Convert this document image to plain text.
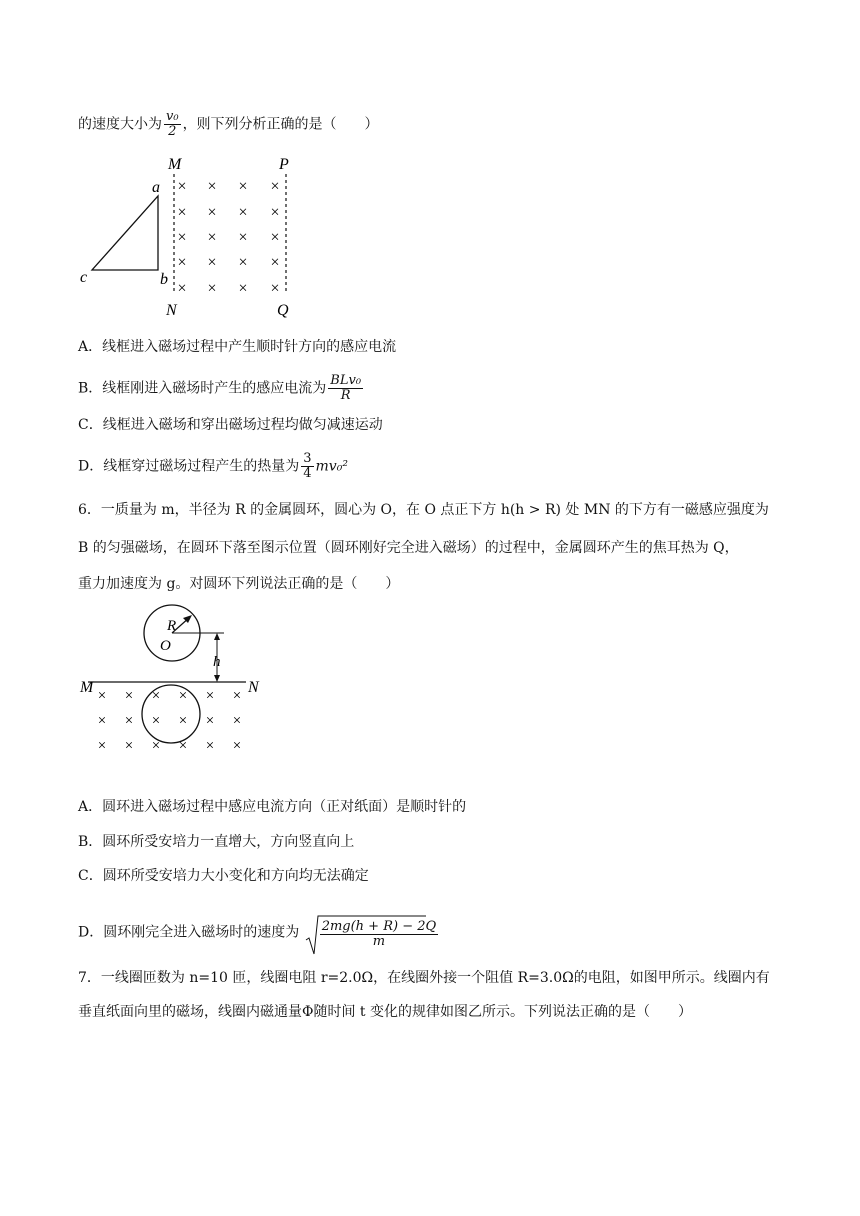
的速度大小为 $\frac{\text{v₀}}{2}$ ，则下列分析正确的是（　　）
M	P
a
c	b
N	Q
× × × ×
× × × ×
× × × ×
× × × ×
× × × ×
A．线框进入磁场过程中产生顺时针方向的感应电流
B．线框刚进入磁场时产生的感应电流为 $\frac{\text{BLv₀}}{R}$
C．线框进入磁场和穿出磁场过程均做匀减速运动
D．线框穿过磁场过程产生的热量为 $\frac{3}{4} mv_0^2$
6．一质量为 m，半径为 R 的金属圆环，圆心为 O，在 O 点正下方 h(h > R) 处 MN 的下方有一磁感应强度为
B 的匀强磁场，在圆环下落至图示位置（圆环刚好完全进入磁场）的过程中，金属圆环产生的焦耳热为 Q，
重力加速度为 g。对圆环下列说法正确的是（　　）
R
O
h
M	N
× × × × × ×
× × × × × ×
× × × × × ×
A．圆环进入磁场过程中感应电流方向（正对纸面）是顺时针的
B．圆环所受安培力一直增大，方向竖直向上
C．圆环所受安培力大小变化和方向均无法确定
D．圆环刚完全进入磁场时的速度为 $\frac{2mg(h + R) - 2Q}{m}$
7．一线圈匝数为 n=10 匝，线圈电阻 r=2.0Ω，在线圈外接一个阻值 R=3.0Ω的电阻，如图甲所示。线圈内有
垂直纸面向里的磁场，线圈内磁通量Φ随时间 t 变化的规律如图乙所示。下列说法正确的是（　　）
